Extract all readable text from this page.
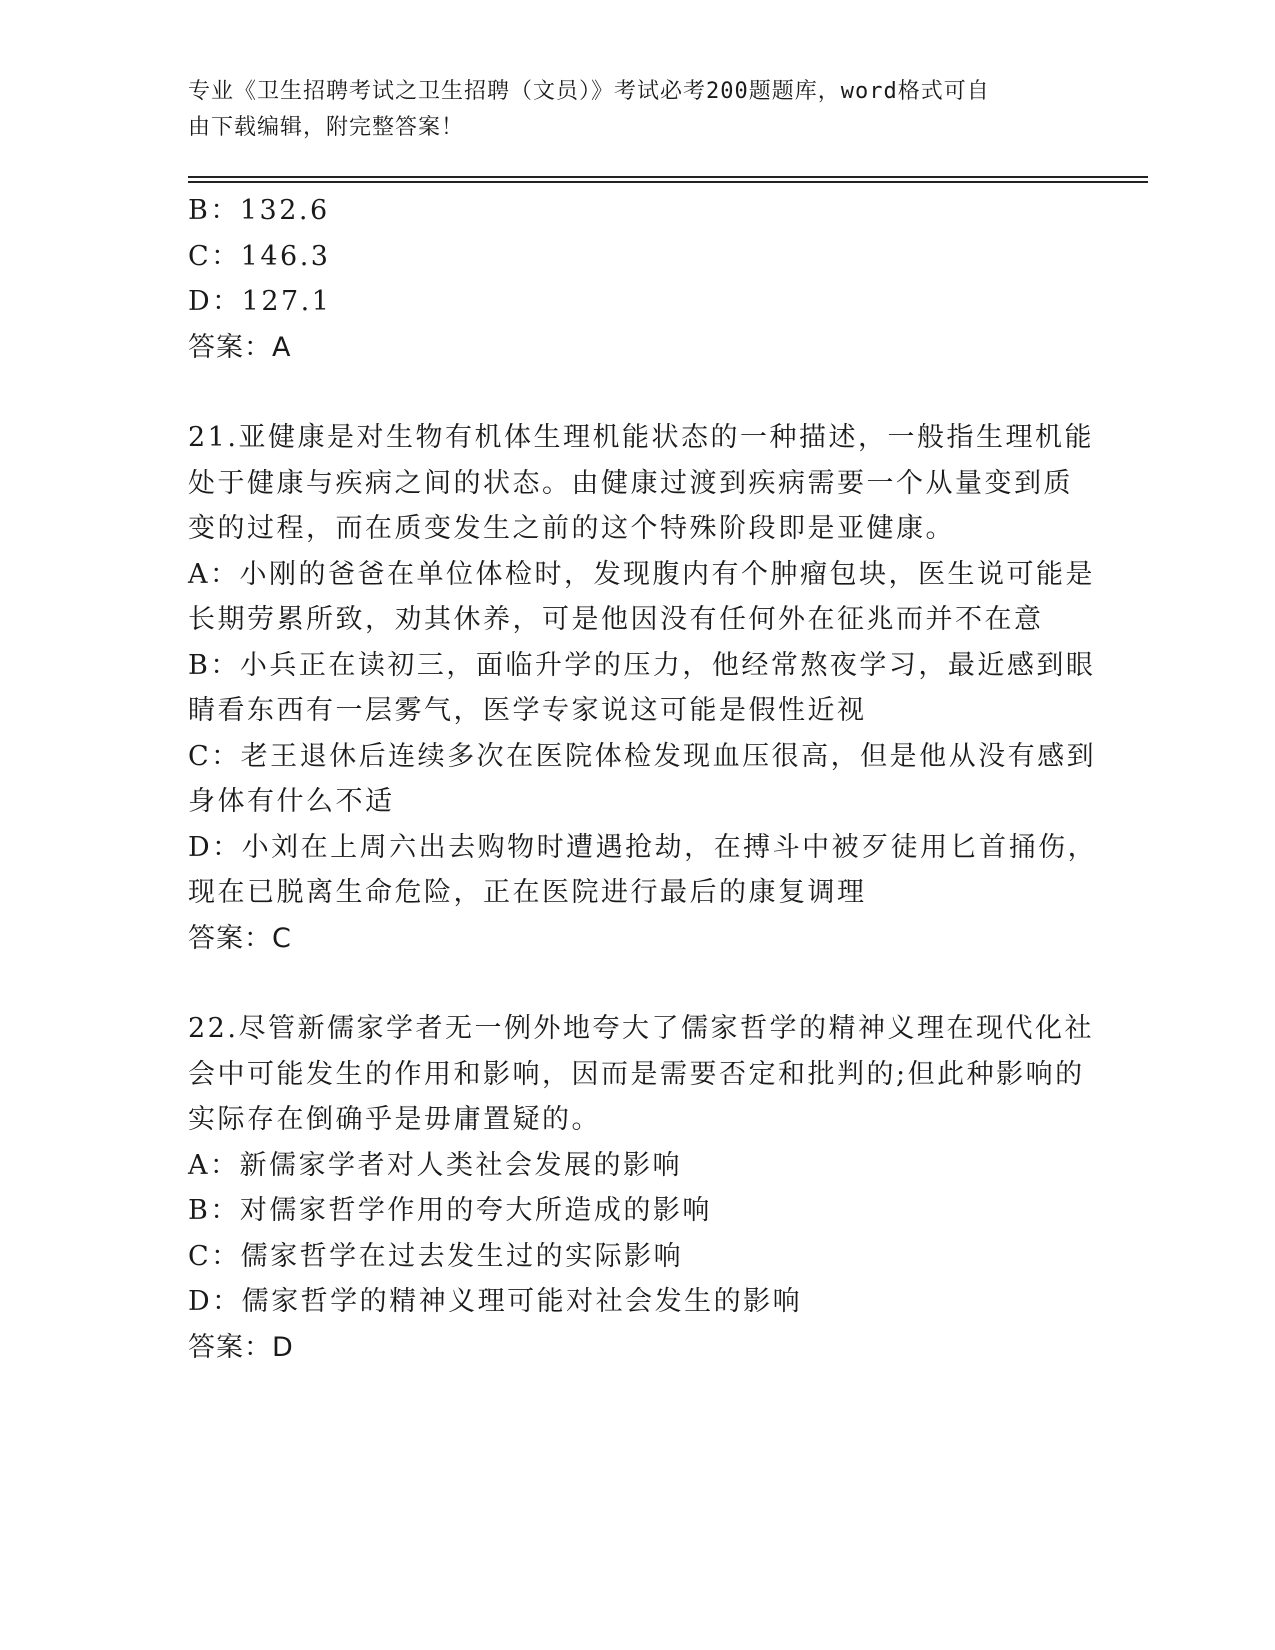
专业《卫生招聘考试之卫生招聘（文员）》考试必考200题题库，word格式可自
由下载编辑，附完整答案！
B：132.6
C：146.3
D：127.1
答案：A
21.亚健康是对生物有机体生理机能状态的一种描述，一般指生理机能
处于健康与疾病之间的状态。由健康过渡到疾病需要一个从量变到质
变的过程，而在质变发生之前的这个特殊阶段即是亚健康。
A：小刚的爸爸在单位体检时，发现腹内有个肿瘤包块，医生说可能是
长期劳累所致，劝其休养，可是他因没有任何外在征兆而并不在意
B：小兵正在读初三，面临升学的压力，他经常熬夜学习，最近感到眼
睛看东西有一层雾气，医学专家说这可能是假性近视
C：老王退休后连续多次在医院体检发现血压很高，但是他从没有感到
身体有什么不适
D：小刘在上周六出去购物时遭遇抢劫，在搏斗中被歹徒用匕首捅伤，
现在已脱离生命危险，正在医院进行最后的康复调理
答案：C
22.尽管新儒家学者无一例外地夸大了儒家哲学的精神义理在现代化社
会中可能发生的作用和影响，因而是需要否定和批判的;但此种影响的
实际存在倒确乎是毋庸置疑的。
A：新儒家学者对人类社会发展的影响
B：对儒家哲学作用的夸大所造成的影响
C：儒家哲学在过去发生过的实际影响
D：儒家哲学的精神义理可能对社会发生的影响
答案：D
